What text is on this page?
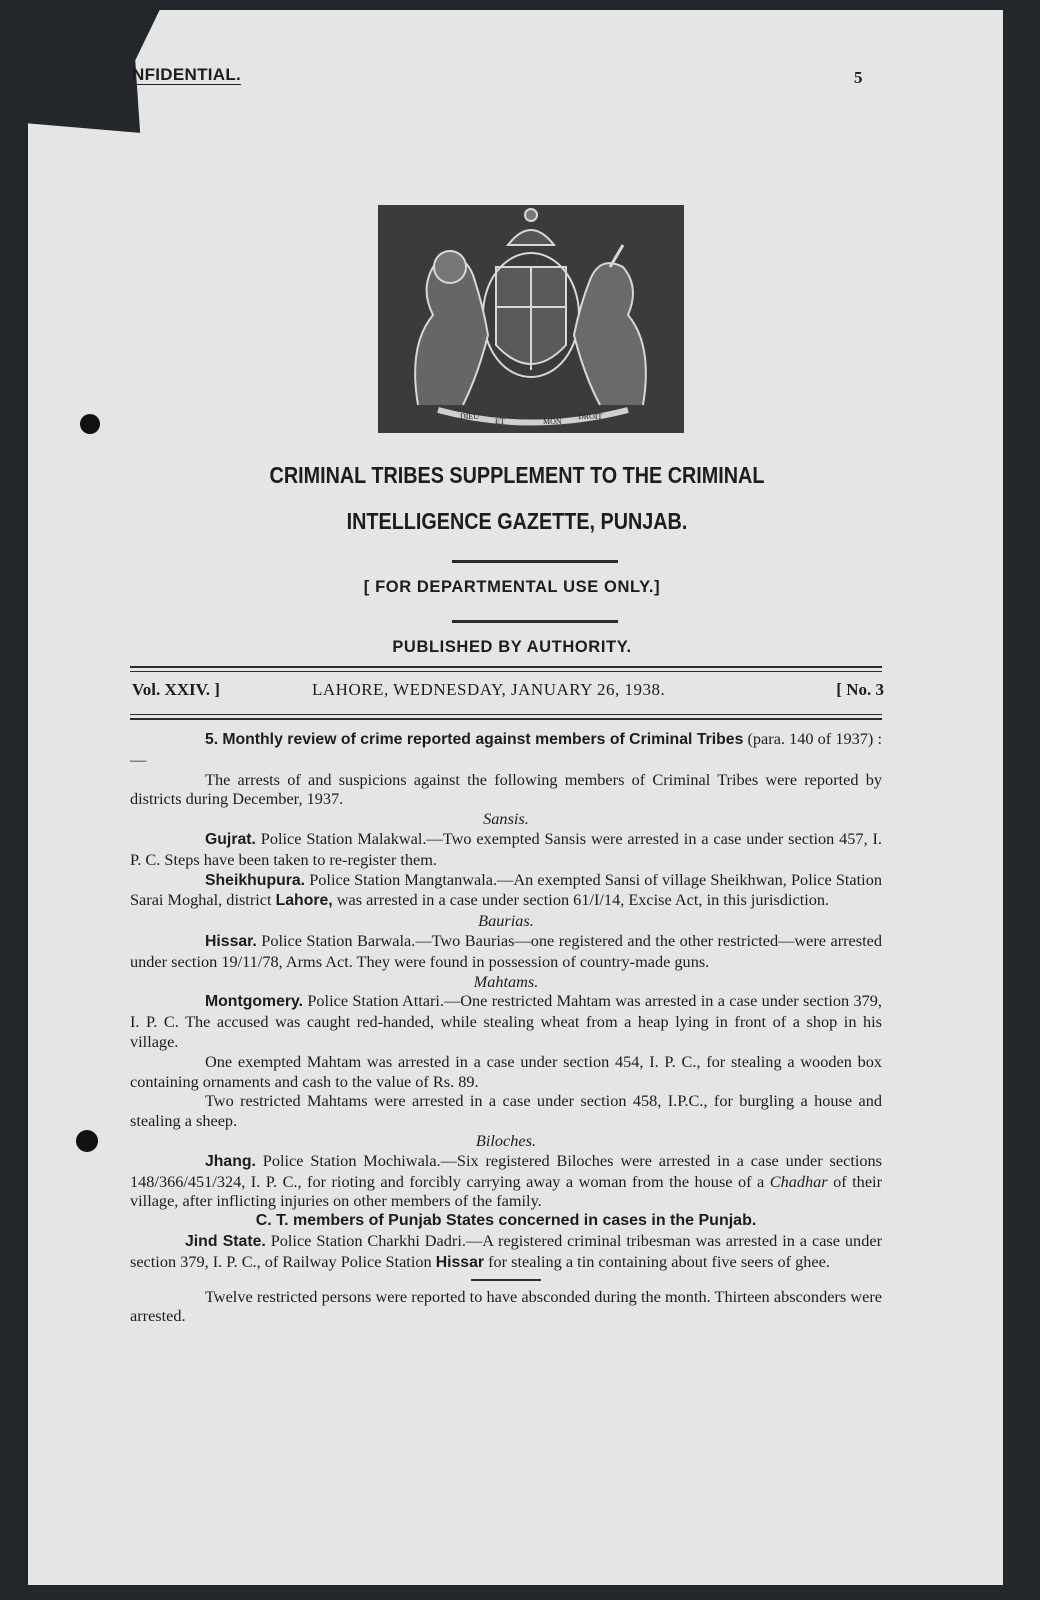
NFIDENTIAL.	5
DIEU
ET	MON
DROIT
CRIMINAL TRIBES SUPPLEMENT TO THE CRIMINAL
INTELLIGENCE GAZETTE, PUNJAB.
[ FOR DEPARTMENTAL USE ONLY.]
PUBLISHED BY AUTHORITY.
Vol. XXIV. ]	LAHORE, WEDNESDAY, JANUARY 26, 1938.	[ No. 3

5. Monthly review of crime reported against members of Criminal Tribes (para. 140 of 1937) :—

The arrests of and suspicions against the following members of Criminal Tribes were reported by districts during December, 1937.

Sansis.

Gujrat. Police Station Malakwal.—Two exempted Sansis were arrested in a case under section 457, I. P. C. Steps have been taken to re-register them.

Sheikhupura. Police Station Mangtanwala.—An exempted Sansi of village Sheikhwan, Police Station Sarai Moghal, district Lahore, was arrested in a case under section 61/I/14, Excise Act, in this jurisdiction.

Baurias.

Hissar. Police Station Barwala.—Two Baurias—one registered and the other restricted—were arrested under section 19/11/78, Arms Act. They were found in possession of country-made guns.

Mahtams.

Montgomery. Police Station Attari.—One restricted Mahtam was arrested in a case under section 379, I. P. C. The accused was caught red-handed, while stealing wheat from a heap lying in front of a shop in his village.

One exempted Mahtam was arrested in a case under section 454, I. P. C., for stealing a wooden box containing ornaments and cash to the value of Rs. 89.

Two restricted Mahtams were arrested in a case under section 458, I.P.C., for burgling a house and stealing a sheep.

Biloches.

Jhang. Police Station Mochiwala.—Six registered Biloches were arrested in a case under sections 148/366/451/324, I. P. C., for rioting and forcibly carrying away a woman from the house of a Chadhar of their village, after inflicting injuries on other members of the family.

C. T. members of Punjab States concerned in cases in the Punjab.

Jind State. Police Station Charkhi Dadri.—A registered criminal tribesman was arrested in a case under section 379, I. P. C., of Railway Police Station Hissar for stealing a tin containing about five seers of ghee.

Twelve restricted persons were reported to have absconded during the month. Thirteen absconders were arrested.
